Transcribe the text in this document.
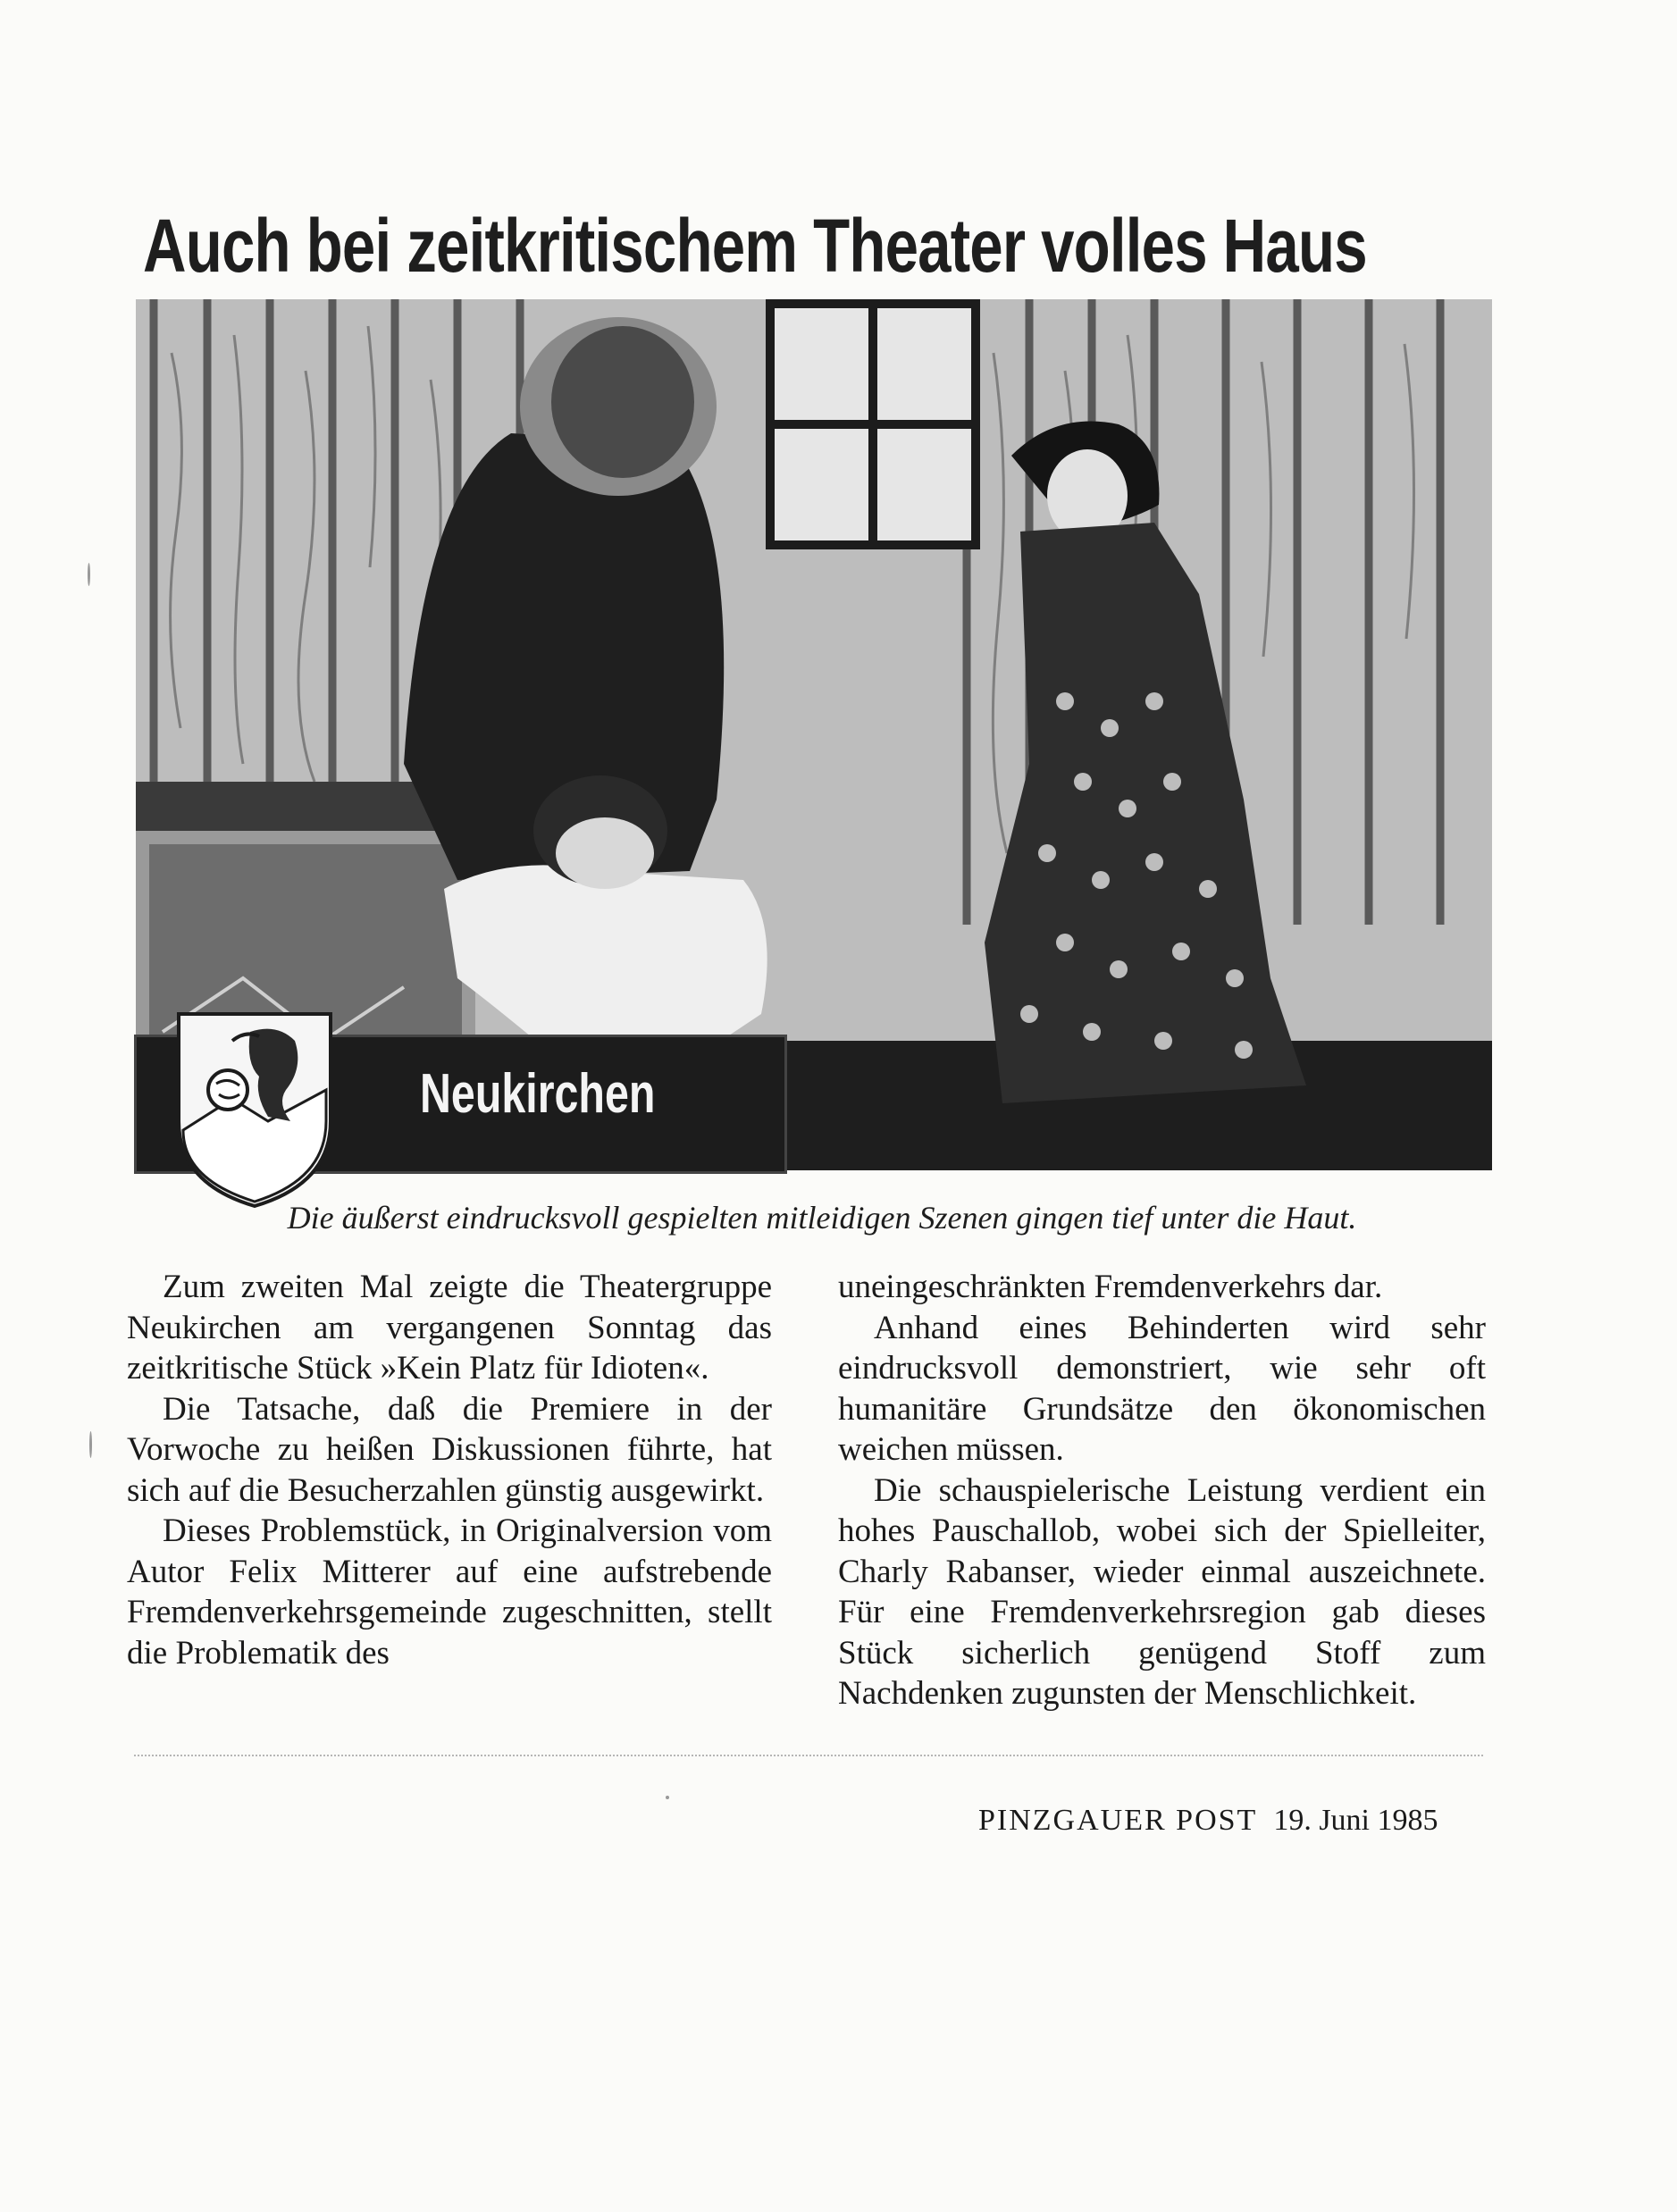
Auch bei zeitkritischem Theater volles Haus
Neukirchen
Die äußerst eindrucksvoll gespielten mitleidigen Szenen gingen tief unter die Haut.

Zum zweiten Mal zeigte die Theatergruppe Neukirchen am vergangenen Sonntag das zeitkritische Stück »Kein Platz für Idioten«.

Die Tatsache, daß die Premiere in der Vorwoche zu heißen Diskussionen führte, hat sich auf die Besucherzahlen günstig ausgewirkt.

Dieses Problemstück, in Originalversion vom Autor Felix Mitterer auf eine aufstrebende Fremdenverkehrsgemeinde zugeschnitten, stellt die Problematik des

uneingeschränkten Fremdenverkehrs dar.

Anhand eines Behinderten wird sehr eindrucksvoll demonstriert, wie sehr oft humanitäre Grundsätze den ökonomischen weichen müssen.

Die schauspielerische Leistung verdient ein hohes Pauschallob, wobei sich der Spielleiter, Charly Rabanser, wieder einmal auszeichnete. Für eine Fremdenverkehrsregion gab dieses Stück sicherlich genügend Stoff zum Nachdenken zugunsten der Menschlichkeit.

PINZGAUER POST 19. Juni 1985
